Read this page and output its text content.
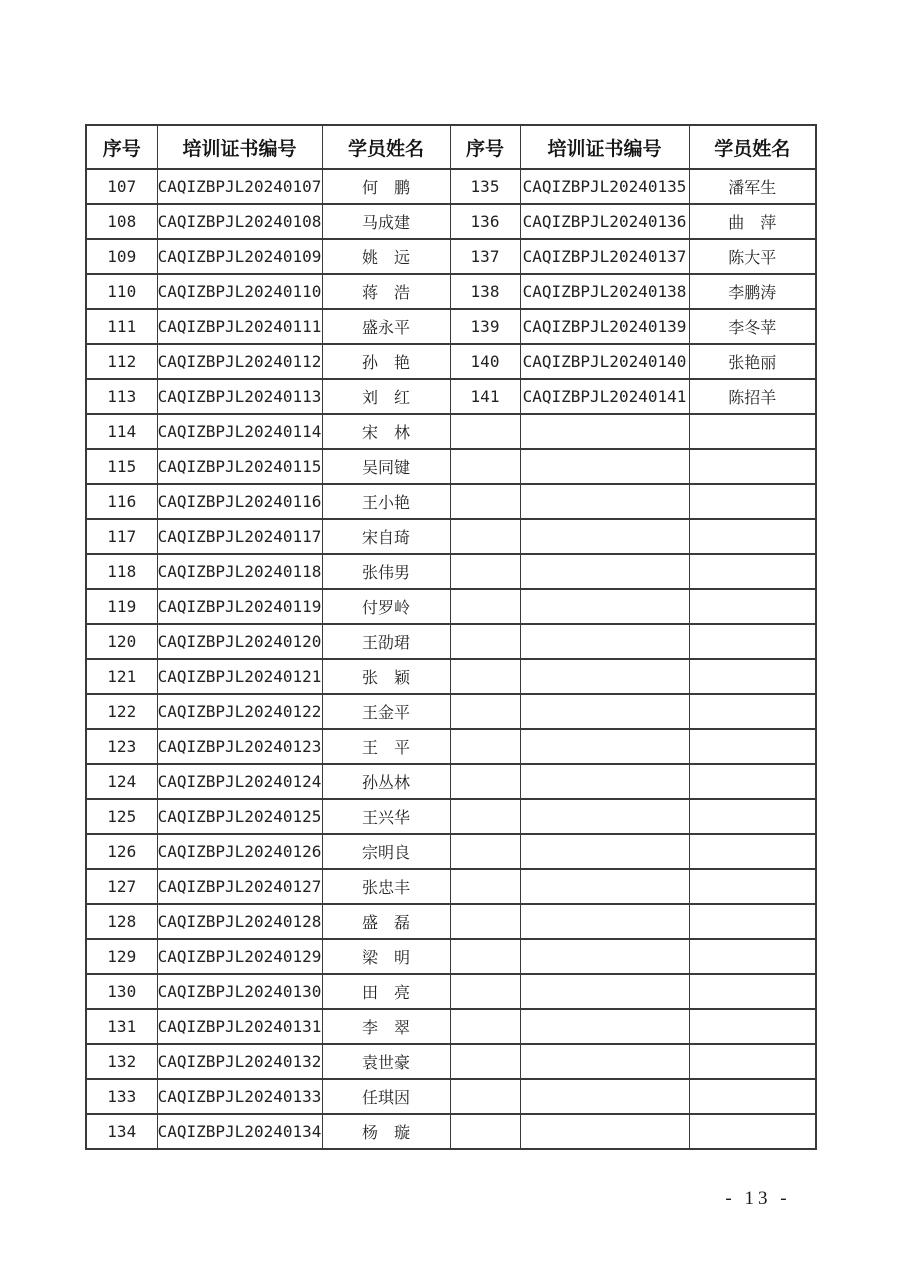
序号	培训证书编号	学员姓名	序号	培训证书编号	学员姓名
107	CAQIZBPJL20240107	何　鹏	135	CAQIZBPJL20240135	潘军生
108	CAQIZBPJL20240108	马成建	136	CAQIZBPJL20240136	曲　萍
109	CAQIZBPJL20240109	姚　远	137	CAQIZBPJL20240137	陈大平
110	CAQIZBPJL20240110	蒋　浩	138	CAQIZBPJL20240138	李鹏涛
111	CAQIZBPJL20240111	盛永平	139	CAQIZBPJL20240139	李冬苹
112	CAQIZBPJL20240112	孙　艳	140	CAQIZBPJL20240140	张艳丽
113	CAQIZBPJL20240113	刘　红	141	CAQIZBPJL20240141	陈招羊
114	CAQIZBPJL20240114	宋　林			
115	CAQIZBPJL20240115	吴同键			
116	CAQIZBPJL20240116	王小艳			
117	CAQIZBPJL20240117	宋自琦			
118	CAQIZBPJL20240118	张伟男			
119	CAQIZBPJL20240119	付罗岭			
120	CAQIZBPJL20240120	王劭珺			
121	CAQIZBPJL20240121	张　颖			
122	CAQIZBPJL20240122	王金平			
123	CAQIZBPJL20240123	王　平			
124	CAQIZBPJL20240124	孙丛林			
125	CAQIZBPJL20240125	王兴华			
126	CAQIZBPJL20240126	宗明良			
127	CAQIZBPJL20240127	张忠丰			
128	CAQIZBPJL20240128	盛　磊			
129	CAQIZBPJL20240129	梁　明			
130	CAQIZBPJL20240130	田　亮			
131	CAQIZBPJL20240131	李　翠			
132	CAQIZBPJL20240132	袁世豪			
133	CAQIZBPJL20240133	任琪因			
134	CAQIZBPJL20240134	杨　璇			
- 13 -
